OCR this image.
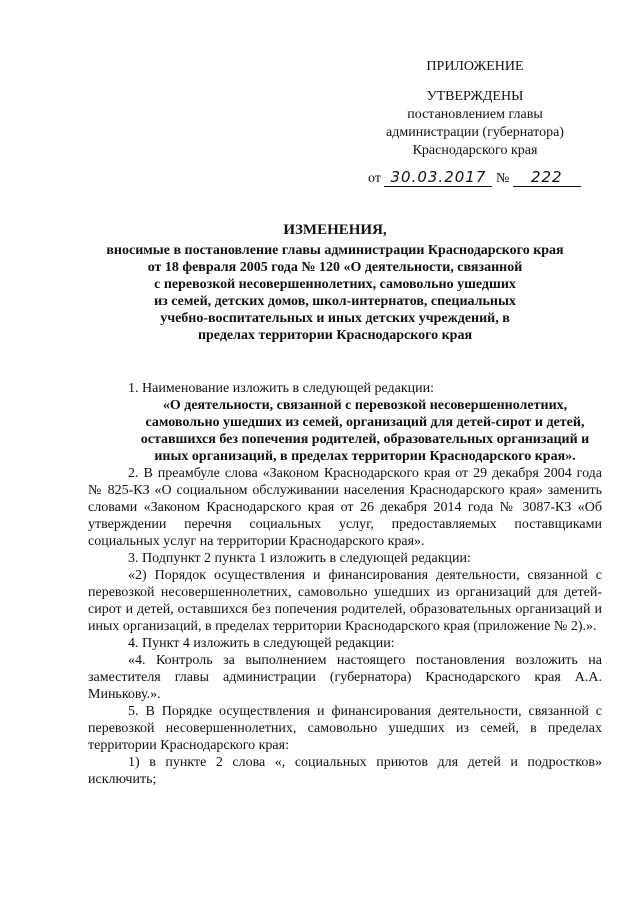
ПРИЛОЖЕНИЕ
УТВЕРЖДЕНЫ
постановлением главы
администрации (губернатора)
Краснодарского края
от 30.03.2017 № 222
ИЗМЕНЕНИЯ,
вносимые в постановление главы администрации Краснодарского края
от 18 февраля 2005 года № 120 «О деятельности, связанной
с перевозкой несовершеннолетних, самовольно ушедших
из семей, детских домов, школ-интернатов, специальных
учебно-воспитательных и иных детских учреждений, в
пределах территории Краснодарского края

1. Наименование изложить в следующей редакции:

«О деятельности, связанной с перевозкой несовершеннолетних, самовольно ушедших из семей, организаций для детей-сирот и детей, оставшихся без попечения родителей, образовательных организаций и иных организаций, в пределах территории Краснодарского края».

2. В преамбуле слова «Законом Краснодарского края от 29 декабря 2004 года № 825-КЗ «О социальном обслуживании населения Краснодарского края» заменить словами «Законом Краснодарского края от 26 декабря 2014 года № 3087-КЗ «Об утверждении перечня социальных услуг, предоставляемых поставщиками социальных услуг на территории Краснодарского края».

3. Подпункт 2 пункта 1 изложить в следующей редакции:

«2) Порядок осуществления и финансирования деятельности, связанной с перевозкой несовершеннолетних, самовольно ушедших из организаций для детей-сирот и детей, оставшихся без попечения родителей, образовательных организаций и иных организаций, в пределах территории Краснодарского края (приложение № 2).».

4. Пункт 4 изложить в следующей редакции:

«4. Контроль за выполнением настоящего постановления возложить на заместителя главы администрации (губернатора) Краснодарского края А.А. Минькову.».

5. В Порядке осуществления и финансирования деятельности, связанной с перевозкой несовершеннолетних, самовольно ушедших из семей, в пределах территории Краснодарского края:

1) в пункте 2 слова «, социальных приютов для детей и подростков» исключить;
